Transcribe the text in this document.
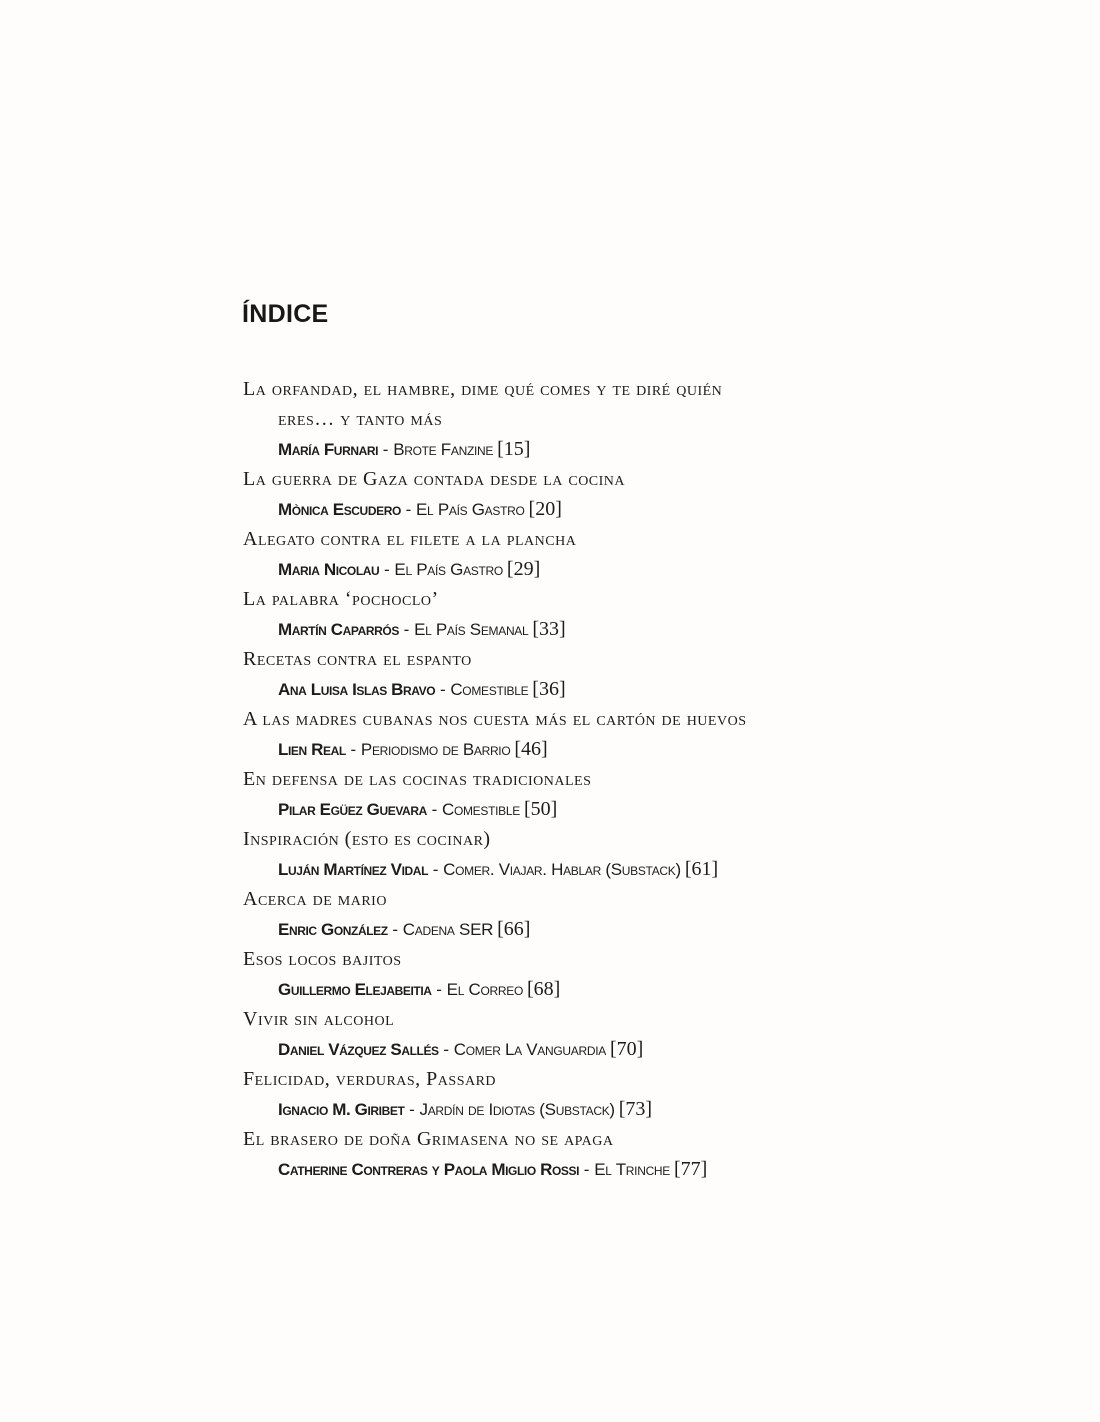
ÍNDICE
La orfandad, el hambre, dime qué comes y te diré quién
eres… y tanto más
María Furnari - Brote Fanzine [15]
La guerra de Gaza contada desde la cocina
Mònica Escudero - El País Gastro [20]
Alegato contra el filete a la plancha
Maria Nicolau - El País Gastro [29]
La palabra ‘pochoclo’
Martín Caparrós - El País Semanal [33]
Recetas contra el espanto
Ana Luisa Islas Bravo - Comestible [36]
A las madres cubanas nos cuesta más el cartón de huevos
Lien Real - Periodismo de Barrio [46]
En defensa de las cocinas tradicionales
Pilar Egüez Guevara - Comestible [50]
Inspiración (esto es cocinar)
Luján Martínez Vidal - Comer. Viajar. Hablar (Substack) [61]
Acerca de mario
Enric González - Cadena SER [66]
Esos locos bajitos
Guillermo Elejabeitia - El Correo [68]
Vivir sin alcohol
Daniel Vázquez Sallés - Comer La Vanguardia [70]
Felicidad, verduras, Passard
Ignacio M. Giribet - Jardín de Idiotas (Substack) [73]
El brasero de doña Grimasena no se apaga
Catherine Contreras y Paola Miglio Rossi - El Trinche [77]
